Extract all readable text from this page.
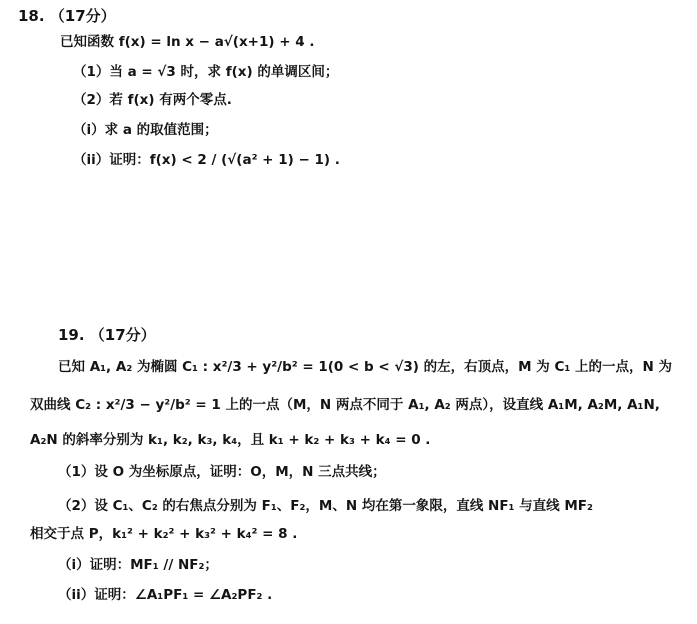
18. （17分）
已知函数 f(x) = ln x − a√(x+1) + 4 .
（1）当 a = √3 时，求 f(x) 的单调区间；
（2）若 f(x) 有两个零点.
（i）求 a 的取值范围；
（ii）证明：f(x) < 2 / (√(a² + 1) − 1) .
19. （17分）
已知 A₁, A₂ 为椭圆 C₁ : x²/3 + y²/b² = 1(0 < b < √3) 的左，右顶点，M 为 C₁ 上的一点，N 为
双曲线 C₂ : x²/3 − y²/b² = 1 上的一点（M，N 两点不同于 A₁, A₂ 两点），设直线 A₁M, A₂M, A₁N,
A₂N 的斜率分别为 k₁, k₂, k₃, k₄，且 k₁ + k₂ + k₃ + k₄ = 0 .
（1）设 O 为坐标原点，证明：O，M，N 三点共线；
（2）设 C₁、C₂ 的右焦点分别为 F₁、F₂，M、N 均在第一象限，直线 NF₁ 与直线 MF₂
相交于点 P，k₁² + k₂² + k₃² + k₄² = 8 .
（i）证明：MF₁ // NF₂；
（ii）证明：∠A₁PF₁ = ∠A₂PF₂ .
